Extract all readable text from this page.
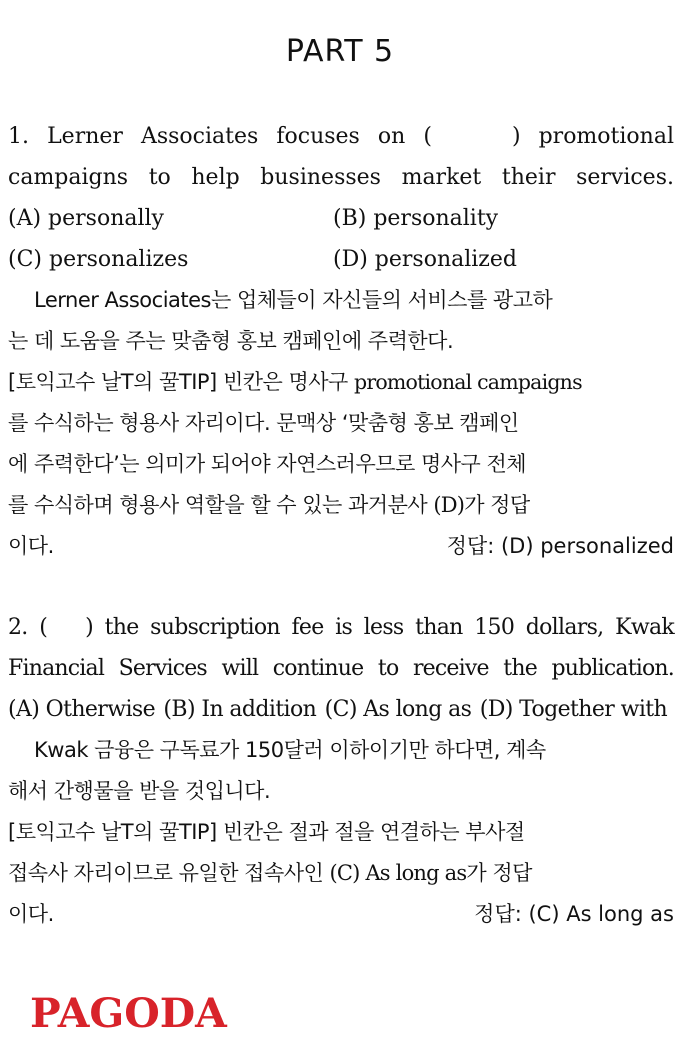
PART 5
1. Lerner Associates focuses on (	) promotional
campaigns to help businesses market their services.
(A) personally	(B) personality
(C) personalizes	(D) personalized
Lerner Associates는 업체들이 자신들의 서비스를 광고하
는 데 도움을 주는 맞춤형 홍보 캠페인에 주력한다.
[토익고수 날T의 꿀TIP] 빈칸은 명사구 promotional campaigns
를 수식하는 형용사 자리이다. 문맥상 ‘맞춤형 홍보 캠페인
에 주력한다’는 의미가 되어야 자연스러우므로 명사구 전체
를 수식하며 형용사 역할을 할 수 있는 과거분사 (D)가 정답
이다.	정답: (D) personalized
2. ( ) the subscription fee is less than 150 dollars, Kwak
Financial Services will continue to receive the publication.
(A) Otherwise (B) In addition (C) As long as (D) Together with
Kwak 금융은 구독료가 150달러 이하이기만 하다면, 계속
해서 간행물을 받을 것입니다.
[토익고수 날T의 꿀TIP] 빈칸은 절과 절을 연결하는 부사절
접속사 자리이므로 유일한 접속사인 (C) As long as가 정답
이다.	정답: (C) As long as
PAGODA
